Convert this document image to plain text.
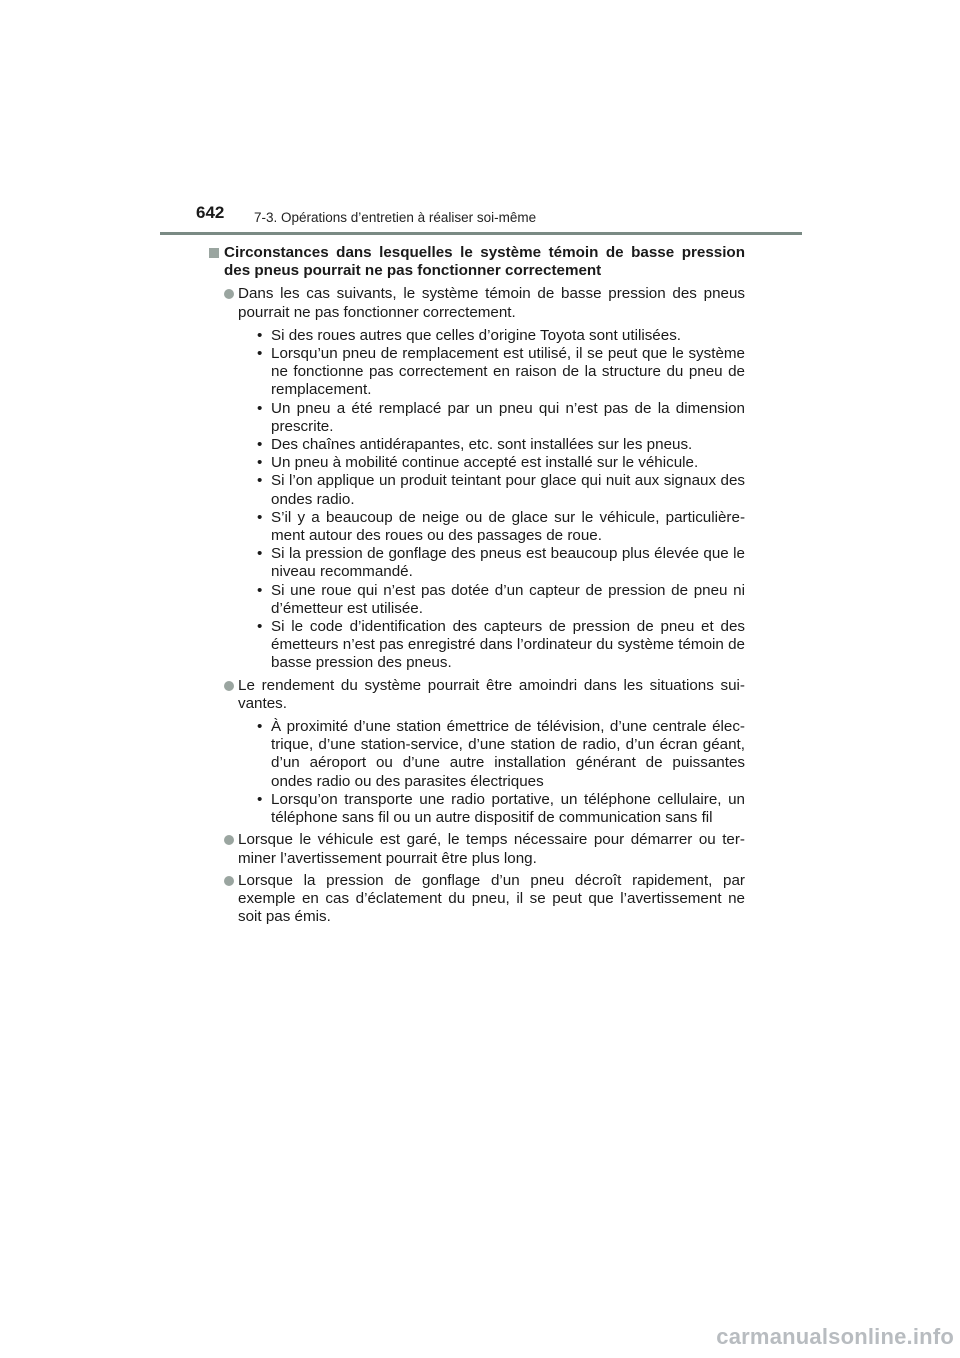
642 7-3. Opérations d’entretien à réaliser soi-même
Circonstances dans lesquelles le système témoin de basse pression des pneus pourrait ne pas fonctionner correctement
Dans les cas suivants, le système témoin de basse pression des pneus pourrait ne pas fonctionner correctement.
• Si des roues autres que celles d’origine Toyota sont utilisées.
• Lorsqu’un pneu de remplacement est utilisé, il se peut que le système ne fonctionne pas correctement en raison de la structure du pneu de remplacement.
• Un pneu a été remplacé par un pneu qui n’est pas de la dimension prescrite.
• Des chaînes antidérapantes, etc. sont installées sur les pneus.
• Un pneu à mobilité continue accepté est installé sur le véhicule.
• Si l’on applique un produit teintant pour glace qui nuit aux signaux des ondes radio.
• S’il y a beaucoup de neige ou de glace sur le véhicule, particulière-ment autour des roues ou des passages de roue.
• Si la pression de gonflage des pneus est beaucoup plus élevée que le niveau recommandé.
• Si une roue qui n’est pas dotée d’un capteur de pression de pneu ni d’émetteur est utilisée.
• Si le code d’identification des capteurs de pression de pneu et des émetteurs n’est pas enregistré dans l’ordinateur du système témoin de basse pression des pneus.
Le rendement du système pourrait être amoindri dans les situations sui-vantes.
• À proximité d’une station émettrice de télévision, d’une centrale élec-trique, d’une station-service, d’une station de radio, d’un écran géant, d’un aéroport ou d’une autre installation générant de puissantes ondes radio ou des parasites électriques
• Lorsqu’on transporte une radio portative, un téléphone cellulaire, un téléphone sans fil ou un autre dispositif de communication sans fil
Lorsque le véhicule est garé, le temps nécessaire pour démarrer ou ter-miner l’avertissement pourrait être plus long.
Lorsque la pression de gonflage d’un pneu décroît rapidement, par exemple en cas d’éclatement du pneu, il se peut que l’avertissement ne soit pas émis.
carmanualsonline.info
